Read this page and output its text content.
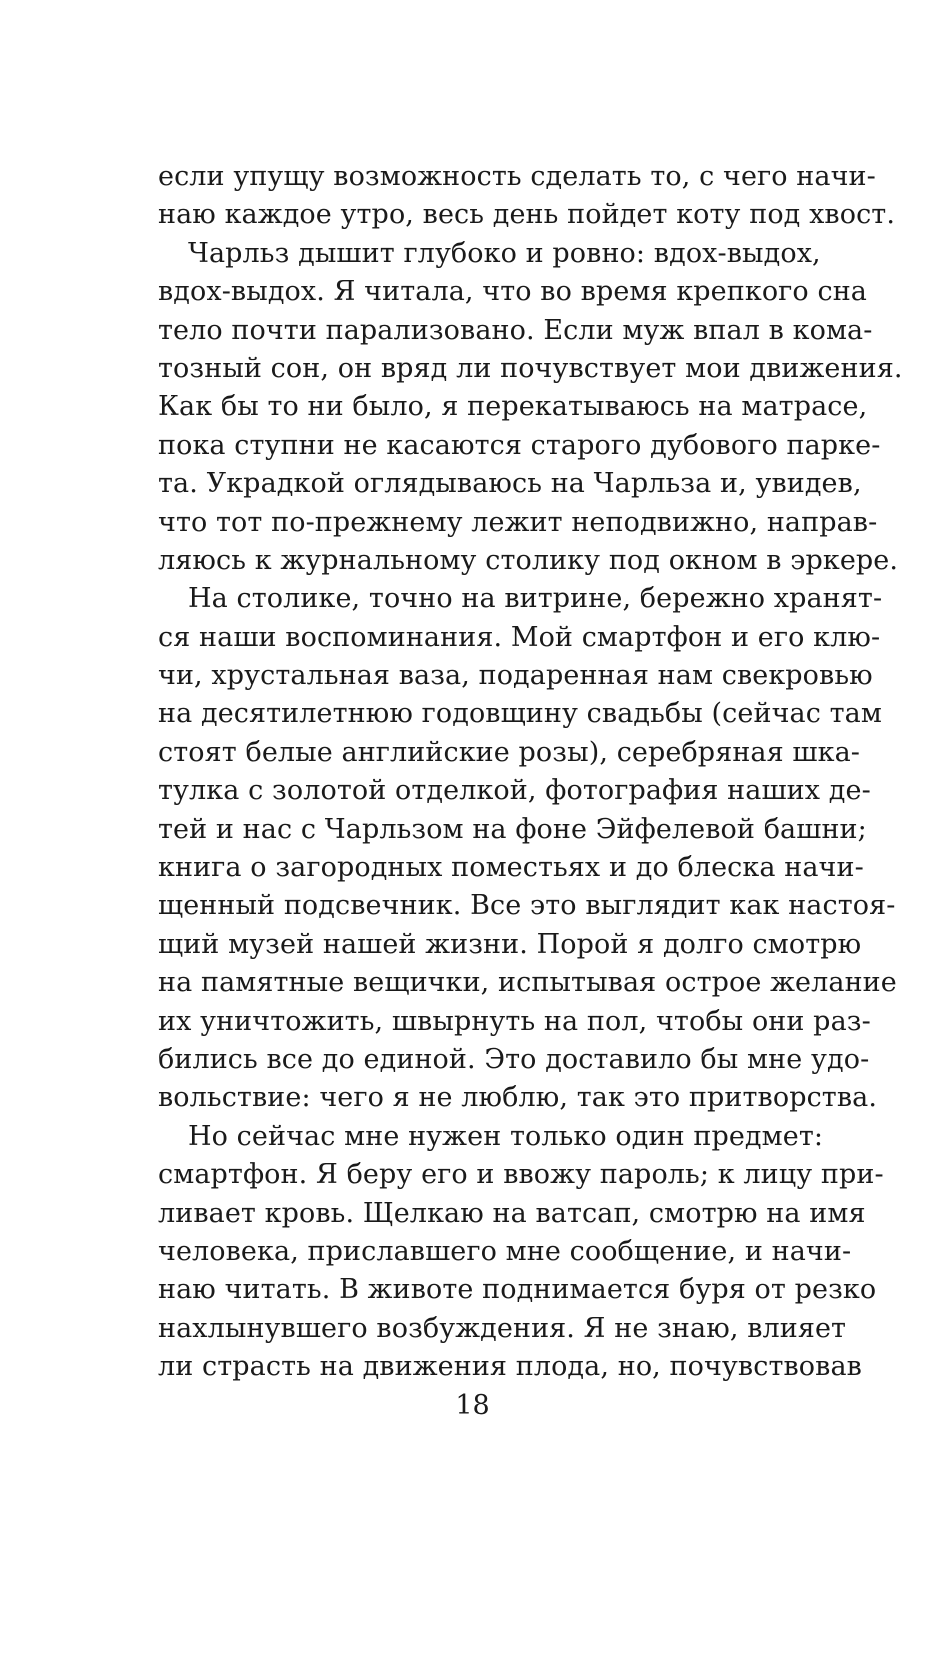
если упущу возможность сделать то, с чего начи-
наю каждое утро, весь день пойдет коту под хвост.
Чарльз дышит глубоко и ровно: вдох-выдох,
вдох-выдох. Я читала, что во время крепкого сна
тело почти парализовано. Если муж впал в кома-
тозный сон, он вряд ли почувствует мои движения.
Как бы то ни было, я перекатываюсь на матрасе,
пока ступни не касаются старого дубового парке-
та. Украдкой оглядываюсь на Чарльза и, увидев,
что тот по-прежнему лежит неподвижно, направ-
ляюсь к журнальному столику под окном в эркере.
На столике, точно на витрине, бережно хранят-
ся наши воспоминания. Мой смартфон и его клю-
чи, хрустальная ваза, подаренная нам свекровью
на десятилетнюю годовщину свадьбы (сейчас там
стоят белые английские розы), серебряная шка-
тулка с золотой отделкой, фотография наших де-
тей и нас с Чарльзом на фоне Эйфелевой башни;
книга о загородных поместьях и до блеска начи-
щенный подсвечник. Все это выглядит как настоя-
щий музей нашей жизни. Порой я долго смотрю
на памятные вещички, испытывая острое желание
их уничтожить, швырнуть на пол, чтобы они раз-
бились все до единой. Это доставило бы мне удо-
вольствие: чего я не люблю, так это притворства.
Но сейчас мне нужен только один предмет:
смартфон. Я беру его и ввожу пароль; к лицу при-
ливает кровь. Щелкаю на ватсап, смотрю на имя
человека, приславшего мне сообщение, и начи-
наю читать. В животе поднимается буря от резко
нахлынувшего возбуждения. Я не знаю, влияет
ли страсть на движения плода, но, почувствовав
18
